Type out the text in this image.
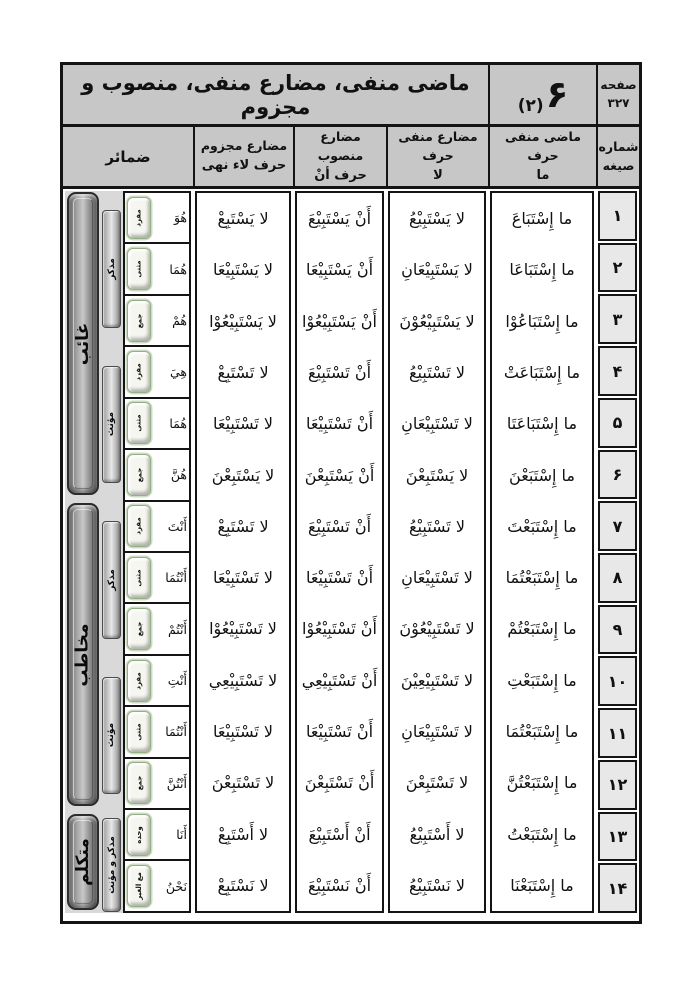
صفحه
۳۲۷
۶
(۲)
ماضی منفی، مضارع منفی، منصوب و مجزوم
شماره
صیغه
ماضی منفی حرف
ما
مضارع منفی حرف
لا
مضارع منصوب
حرف أنْ
مضارع مجزوم
حرف لاء نهی
ضمائر
۱
۲
۳
۴
۵
۶
۷
۸
۹
۱۰
۱۱
۱۲
۱۳
۱۴
ما إِسْتَبَاعَ
ما إِسْتَبَاعَا
ما إِسْتَبَاعُوْا
ما إِسْتَبَاعَتْ
ما إِسْتَبَاعَتَا
ما إِسْتَبَعْنَ
ما إِسْتَبَعْتَ
ما إِسْتَبَعْتُمَا
ما إِسْتَبَعْتُمْ
ما إِسْتَبَعْتِ
ما إِسْتَبَعْتُمَا
ما إِسْتَبَعْتُنَّ
ما إِسْتَبَعْتُ
ما إِسْتَبَعْنَا
لا يَسْتَبِيْعُ
لا يَسْتَبِيْعَانِ
لا يَسْتَبِيْعُوْنَ
لا تَسْتَبِيْعُ
لا تَسْتَبِيْعَانِ
لا يَسْتَبِعْنَ
لا تَسْتَبِيْعُ
لا تَسْتَبِيْعَانِ
لا تَسْتَبِيْعُوْنَ
لا تَسْتَبِيْعِيْنَ
لا تَسْتَبِيْعَانِ
لا تَسْتَبِعْنَ
لا أَسْتَبِيْعُ
لا نَسْتَبِيْعُ
أَنْ يَسْتَبِيْعَ
أَنْ يَسْتَبِيْعَا
أَنْ يَسْتَبِيْعُوْا
أَنْ تَسْتَبِيْعَ
أَنْ تَسْتَبِيْعَا
أَنْ يَسْتَبِعْنَ
أَنْ تَسْتَبِيْعَ
أَنْ تَسْتَبِيْعَا
أَنْ تَسْتَبِيْعُوْا
أَنْ تَسْتَبِيْعِي
أَنْ تَسْتَبِيْعَا
أَنْ تَسْتَبِعْنَ
أَنْ أَسْتَبِيْعَ
أَنْ نَسْتَبِيْعَ
لا يَسْتَبِعْ
لا يَسْتَبِيْعَا
لا يَسْتَبِيْعُوْا
لا تَسْتَبِعْ
لا تَسْتَبِيْعَا
لا يَسْتَبِعْنَ
لا تَسْتَبِعْ
لا تَسْتَبِيْعَا
لا تَسْتَبِيْعُوْا
لا تَسْتَبِيْعِي
لا تَسْتَبِيْعَا
لا تَسْتَبِعْنَ
لا أَسْتَبِعْ
لا نَسْتَبِعْ
غائب
مخاطب
متكلم
مذكر
مؤنث
مذكر
مؤنث
مذكر و مؤنث
هُوَ
مفرد
هُمَا
مثنی
هُمْ
جمع
هِيَ
مفرد
هُمَا
مثنی
هُنَّ
جمع
أَنْتَ
مفرد
أَنْتُمَا
مثنی
أَنْتُمْ
جمع
أَنْتِ
مفرد
أَنْتُمَا
مثنی
أَنْتُنَّ
جمع
أَنَا
وحده
نَحْنُ
مع الغیر
